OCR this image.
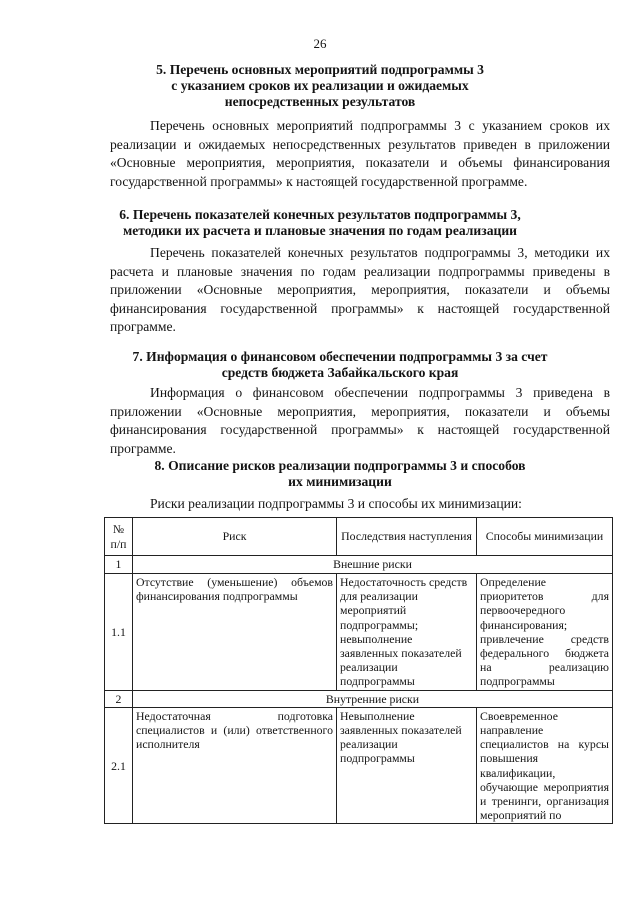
26
5. Перечень основных мероприятий подпрограммы 3
с указанием сроков их реализации и ожидаемых
непосредственных результатов
Перечень основных мероприятий подпрограммы 3 с указанием сроков их реализации и ожидаемых непосредственных результатов приведен в приложении «Основные мероприятия, мероприятия, показатели и объемы финансирования государственной программы» к настоящей государственной программе.
6. Перечень показателей конечных результатов подпрограммы 3,
методики их расчета и плановые значения по годам реализации
Перечень показателей конечных результатов подпрограммы 3, методики их расчета и плановые значения по годам реализации подпрограммы приведены в приложении «Основные мероприятия, мероприятия, показатели и объемы финансирования государственной программы» к настоящей государственной программе.
7. Информация о финансовом обеспечении подпрограммы 3 за счет
средств бюджета Забайкальского края
Информация о финансовом обеспечении подпрограммы 3 приведена в приложении «Основные мероприятия, мероприятия, показатели и объемы финансирования государственной программы» к настоящей государственной программе.
8. Описание рисков реализации подпрограммы 3 и способов
их минимизации
Риски реализации подпрограммы 3 и способы их минимизации:
№ п/п	Риск	Последствия наступления	Способы минимизации
1	Внешние риски		
1.1	Отсутствие (уменьшение) объемов финансирования подпрограммы	Недостаточность средств для реализации мероприятий подпрограммы; невыполнение заявленных показателей реализации подпрограммы	Определение приоритетов для первоочередного финансирования; привлечение средств федерального бюджета на реализацию подпрограммы
2	Внутренние риски		
2.1	Недостаточная подготовка специалистов и (или) ответственного исполнителя	Невыполнение заявленных показателей реализации подпрограммы	Своевременное направление специалистов на курсы повышения квалификации, обучающие мероприятия и тренинги, организация мероприятий по
